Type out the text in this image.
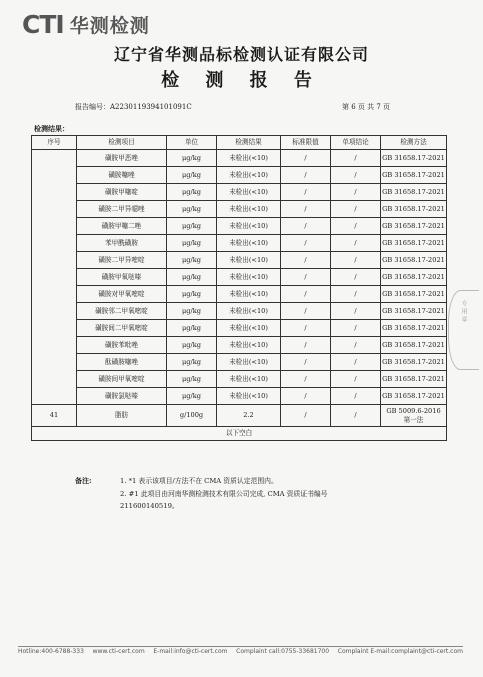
CTI 华测检测
辽宁省华测品标检测认证有限公司
检 测 报 告
报告编号：A2230119394101091C	第 6 页 共 7 页
检测结果：
序号	检测项目	单位	检测结果	标准限值	单项结论	检测方法
	磺胺甲恶唑	μg/kg	未检出(<10)	/	/	GB 31658.17-2021
	磺胺噻唑	μg/kg	未检出(<10)	/	/	GB 31658.17-2021
	磺胺甲噻啶	μg/kg	未检出(<10)	/	/	GB 31658.17-2021
	磺胺二甲异噁唑	μg/kg	未检出(<10)	/	/	GB 31658.17-2021
	磺胺甲噻二唑	μg/kg	未检出(<10)	/	/	GB 31658.17-2021
	苯甲酰磺胺	μg/kg	未检出(<10)	/	/	GB 31658.17-2021
	磺胺二甲异嘧啶	μg/kg	未检出(<10)	/	/	GB 31658.17-2021
	磺胺甲氧哒嗪	μg/kg	未检出(<10)	/	/	GB 31658.17-2021
	磺胺对甲氧嘧啶	μg/kg	未检出(<10)	/	/	GB 31658.17-2021
	磺胺邻二甲氧嘧啶	μg/kg	未检出(<10)	/	/	GB 31658.17-2021
	磺胺间二甲氧嘧啶	μg/kg	未检出(<10)	/	/	GB 31658.17-2021
	磺胺苯吡唑	μg/kg	未检出(<10)	/	/	GB 31658.17-2021
	酞磺胺噻唑	μg/kg	未检出(<10)	/	/	GB 31658.17-2021
	磺胺间甲氧嘧啶	μg/kg	未检出(<10)	/	/	GB 31658.17-2021
	磺胺氯哒嗪	μg/kg	未检出(<10)	/	/	GB 31658.17-2021
41	脂肪	g/100g	2.2	/	/	GB 5009.6-2016
第一法

以下空白						
备注:	1. *1 表示该项目/方法不在 CMA 资质认定范围内。
2. #1 此项目由河南华测检测技术有限公司完成, CMA 资质证书编号
211600140519。
专用章
Hotline:400-6788-333 www.cti-cert.com E-mail:info@cti-cert.com Complaint call:0755-33681700 Complaint E-mail:complaint@cti-cert.com
